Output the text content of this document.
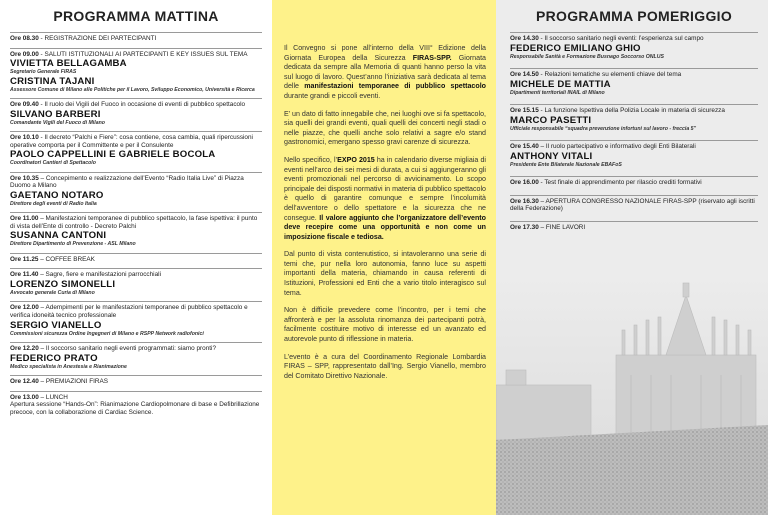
PROGRAMMA MATTINA
Ore 08.30 - REGISTRAZIONE DEI PARTECIPANTI
Ore 09.00 - SALUTI ISTITUZIONALI AI PARTECIPANTI E KEY ISSUES SUL TEMA
VIVIETTA BELLAGAMBA
Segretario Generale FIRAS
CRISTINA TAJANI
Assessore Comune di Milano alle Politiche per il Lavoro, Sviluppo Economico, Università e Ricerca
Ore 09.40 - Il ruolo dei Vigili del Fuoco in occasione di eventi di pubblico spettacolo
SILVANO BARBERI
Comandante Vigili del Fuoco di Milano
Ore 10.10 - Il decreto “Palchi e Fiere”: cosa contiene, cosa cambia, quali ripercussioni operative comporta per il Committente e per il Consulente
PAOLO CAPPELLINI E GABRIELE BOCOLA
Coordinatori Cantieri di Spettacolo
Ore 10.35 – Concepimento e realizzazione dell’Evento “Radio Italia Live” di Piazza Duomo a Milano
GAETANO NOTARO
Direttore degli eventi di Radio Italia
Ore 11.00 – Manifestazioni temporanee di pubblico spettacolo, la fase ispettiva: il punto di vista dell’Ente di controllo - Decreto Palchi
SUSANNA CANTONI
Direttore Dipartimento di Prevenzione - ASL Milano
Ore 11.25 – COFFEE BREAK
Ore 11.40 – Sagre, fiere e manifestazioni parrocchiali
LORENZO SIMONELLI
Avvocato generale Curia di Milano
Ore 12.00 – Adempimenti per le manifestazioni temporanee di pubblico spettacolo e verifica idoneità tecnico professionale
SERGIO VIANELLO
Commissioni sicurezza Ordine Ingegneri di Milano e RSPP Network radiofonici
Ore 12.20 – Il soccorso sanitario negli eventi programmati: siamo pronti?
FEDERICO PRATO
Medico specialista in Anestesia e Rianimazione
Ore 12.40 – PREMIAZIONI FIRAS
Ore 13.00 – LUNCH
Apertura sessione “Hands-On”: Rianimazione Cardiopolmonare di base e Defibrillazione precoce, con la collaborazione di Cardiac Science.

Il Convegno si pone all’interno della VIII° Edizione della Giornata Europea della Sicurezza FIRAS-SPP. Giornata dedicata da sempre alla Memoria di quanti hanno perso la vita sul luogo di lavoro. Quest’anno l’iniziativa sarà dedicata al tema delle manifestazioni temporanee di pubblico spettacolo durante grandi e piccoli eventi.

E’ un dato di fatto innegabile che, nei luoghi ove si fa spettacolo, sia quelli dei grandi eventi, quali quelli dei concerti negli stadi o nelle piazze, che quelli anche solo relativi a sagre e/o stand gastronomici, emergano spesso gravi carenze di sicurezza.

Nello specifico, l’EXPO 2015 ha in calendario diverse migliaia di eventi nell’arco dei sei mesi di durata, a cui si aggiungeranno gli eventi promozionali nel percorso di avvicinamento. Lo scopo principale dei disposti normativi in materia di pubblico spettacolo è quello di garantire comunque e sempre l’incolumità dell’avventore o dello spettatore e la sicurezza che ne consegue. Il valore aggiunto che l’organizzatore dell’evento deve recepire come una opportunità e non come un imposizione fiscale e tediosa.

Dal punto di vista contenutistico, si intavoleranno una serie di temi che, pur nella loro autonomia, fanno luce su aspetti importanti della materia, chiamando in causa referenti di Istituzioni, Professioni ed Enti che a vario titolo interagisco sul tema.

Non è difficile prevedere come l’incontro, per i temi che affronterà e per la assoluta rinomanza dei partecipanti potrà, facilmente costituire motivo di interesse ed un avanzato ed autorevole punto di riflessione in materia.

L’evento è a cura del Coordinamento Regionale Lombardia FIRAS – SPP, rappresentato dall’Ing. Sergio Vianello, membro del Comitato Direttivo Nazionale.

PROGRAMMA POMERIGGIO
Ore 14.30 - Il soccorso sanitario negli eventi: l’esperienza sul campo
FEDERICO EMILIANO GHIO
Responsabile Sanità e Formazione Busnago Soccorso ONLUS
Ore 14.50 - Relazioni tematiche su elementi chiave del tema
MICHELE DE MATTIA
Dipartimenti territoriali INAIL di Milano
Ore 15.15 - La funzione Ispettiva della Polizia Locale in materia di sicurezza
MARCO PASETTI
Ufficiale responsabile “squadra prevenzione infortuni sul lavoro - freccia 5”
Ore 15.40 – Il ruolo partecipativo e informativo degli Enti Bilaterali
ANTHONY VITALI
Presidente Ente Bilaterale Nazionale EBAFoS
Ore 16.00 - Test finale di apprendimento per rilascio crediti formativi
Ore 16.30 – APERTURA CONGRESSO NAZIONALE FIRAS-SPP (riservato agli iscritti della Federazione)
Ore 17.30 – FINE LAVORI
